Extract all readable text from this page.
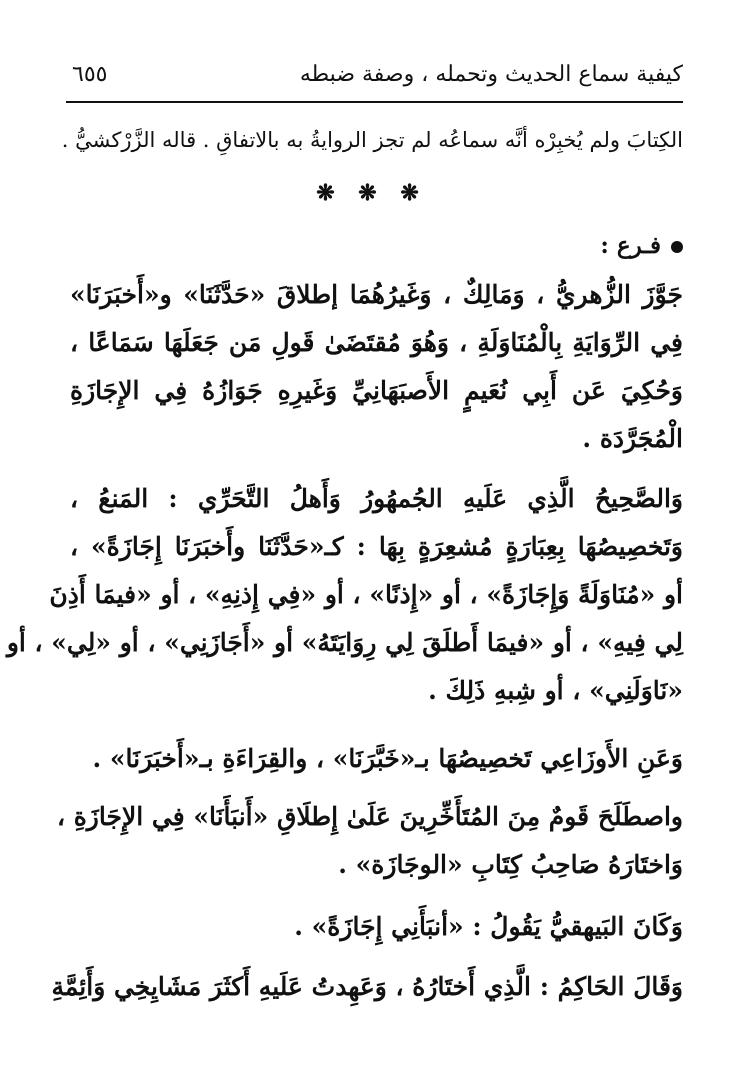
كيفية سماع الحديث وتحمله ، وصفة ضبطه
٦٥٥
الكِتابَ ولم يُخبِرْه أنَّه سماعُه لم تجز الروايةُ به بالاتفاقِ . قاله الزَّرْكشيُّ .
❋ ❋ ❋
فـرع :
جَوَّزَ الزُّهريُّ ، وَمَالِكٌ ، وَغَيرُهُمَا إطلاقَ «حَدَّثَنَا» و«أَخبَرَنَا»
فِي الرِّوَايَةِ بِالْمُنَاوَلَةِ ، وَهُوَ مُقتَضَىٰ قَولِ مَن جَعَلَهَا سَمَاعًا ،
وَحُكِيَ عَن أَبِي نُعَيمٍ الأَصبَهَانِيِّ وَغَيرِهِ جَوَازُهُ فِي الإِجَازَةِ
الْمُجَرَّدَة .
وَالصَّحِيحُ الَّذِي عَلَيهِ الجُمهُورُ وَأَهلُ التَّحَرِّي : المَنعُ ،
وَتَخصِيصُهَا بِعِبَارَةٍ مُشعِرَةٍ بِهَا : كـ«حَدَّثَنَا وأَخبَرَنَا إِجَازَةً» ،
أو «مُنَاوَلَةً وَإِجَازَةً» ، أو «إِذنًا» ، أو «فِي إِذنِهِ» ، أو «فيمَا أَذِنَ
لِي فِيهِ» ، أو «فيمَا أَطلَقَ لِي رِوَايَتَهُ» أو «أَجَازَنِي» ، أو «لِي» ، أو
«نَاوَلَنِي» ، أو شِبهِ ذَلِكَ .
وَعَنِ الأَوزَاعِي تَخصِيصُهَا بـ«خَبَّرَنَا» ، والقِرَاءَةِ بـ«أَخبَرَنَا» .
واصطَلَحَ قَومٌ مِنَ المُتَأَخِّرِينَ عَلَىٰ إِطلَاقِ «أَنبَأَنَا» فِي الإِجَازَةِ ،
وَاختَارَهُ صَاحِبُ كِتَابِ «الوجَازَة» .
وَكَانَ البَيهقيُّ يَقُولُ : «أنبَأَنِي إِجَازَةً» .
وَقَالَ الحَاكِمُ : الَّذِي أَختَارُهُ ، وَعَهِدتُ عَلَيهِ أَكثَرَ مَشَايِخِي وَأَئِمَّةِ
